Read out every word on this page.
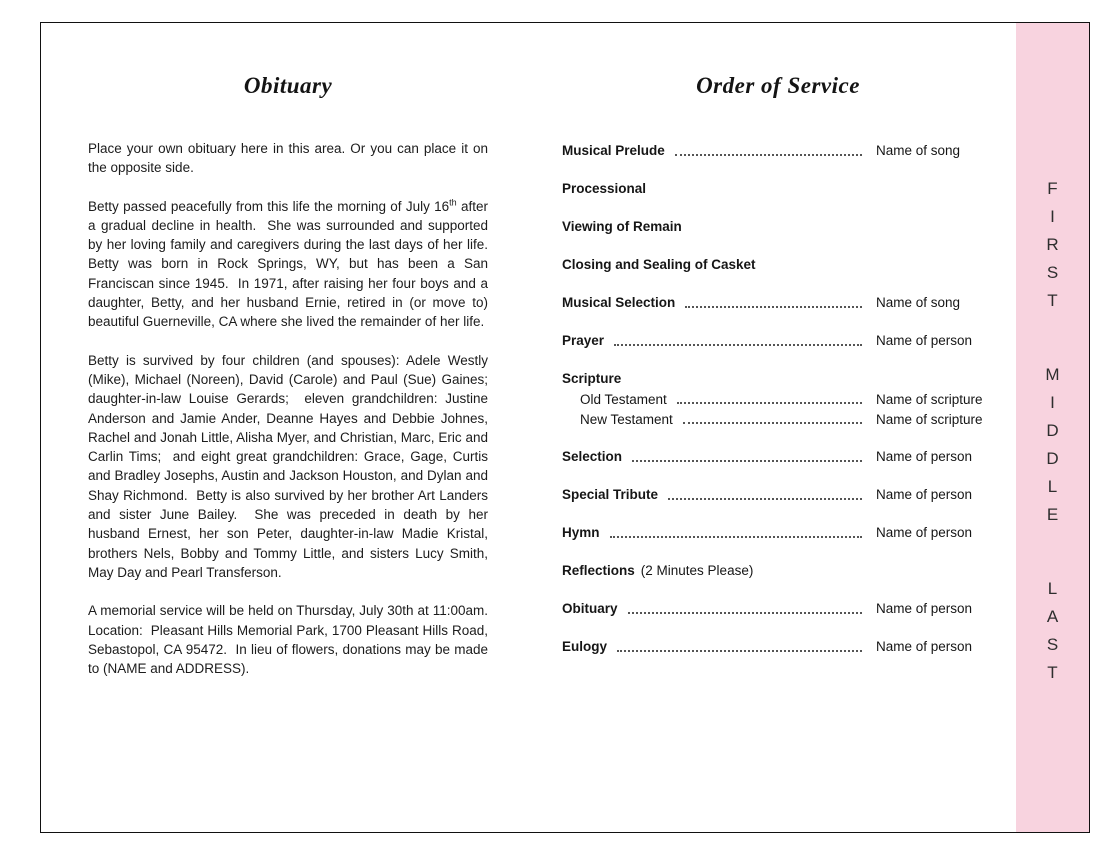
Obituary

Place your own obituary here in this area. Or you can place it on the opposite side.

Betty passed peacefully from this life the morning of July 16th after a gradual decline in health.  She was surrounded and supported by her loving family and caregivers during the last days of her life.  Betty was born in Rock Springs, WY, but has been a San Franciscan since 1945.  In 1971, after raising her four boys and a daughter, Betty, and her husband Ernie, retired in (or move to) beautiful Guerneville, CA where she lived the remainder of her life.

Betty is survived by four children (and spouses): Adele Westly (Mike), Michael (Noreen), David (Carole) and Paul (Sue) Gaines;  daughter-in-law Louise Gerards;  eleven grandchildren: Justine Anderson and Jamie Ander, Deanne Hayes and Debbie Johnes, Rachel and Jonah Little, Alisha Myer, and Christian, Marc, Eric and Carlin Tims;  and eight great grandchildren: Grace, Gage, Curtis and Bradley Josephs, Austin and Jackson Houston, and Dylan and Shay Richmond.  Betty is also survived by her brother Art Landers and sister June Bailey.  She was preceded in death by her husband Ernest, her son Peter, daughter-in-law Madie Kristal, brothers Nels, Bobby and Tommy Little, and sisters Lucy Smith, May Day and Pearl Transferson.

A memorial service will be held on Thursday, July 30th at 11:00am.  Location:  Pleasant Hills Memorial Park, 1700 Pleasant Hills Road, Sebastopol, CA 95472.  In lieu of flowers, donations may be made to (NAME and ADDRESS).

Order of Service
Musical Prelude	Name of song
Processional
Viewing of Remain
Closing and Sealing of Casket
Musical Selection	Name of song
Prayer	Name of person
Scripture
Old Testament	Name of scripture
New Testament	Name of scripture
Selection	Name of person
Special Tribute	Name of person
Hymn	Name of person
Reflections (2 Minutes Please)
Obituary	Name of person
Eulogy	Name of person
F
I
R
S
T
M
I
D
D
L
E
L
A
S
T
